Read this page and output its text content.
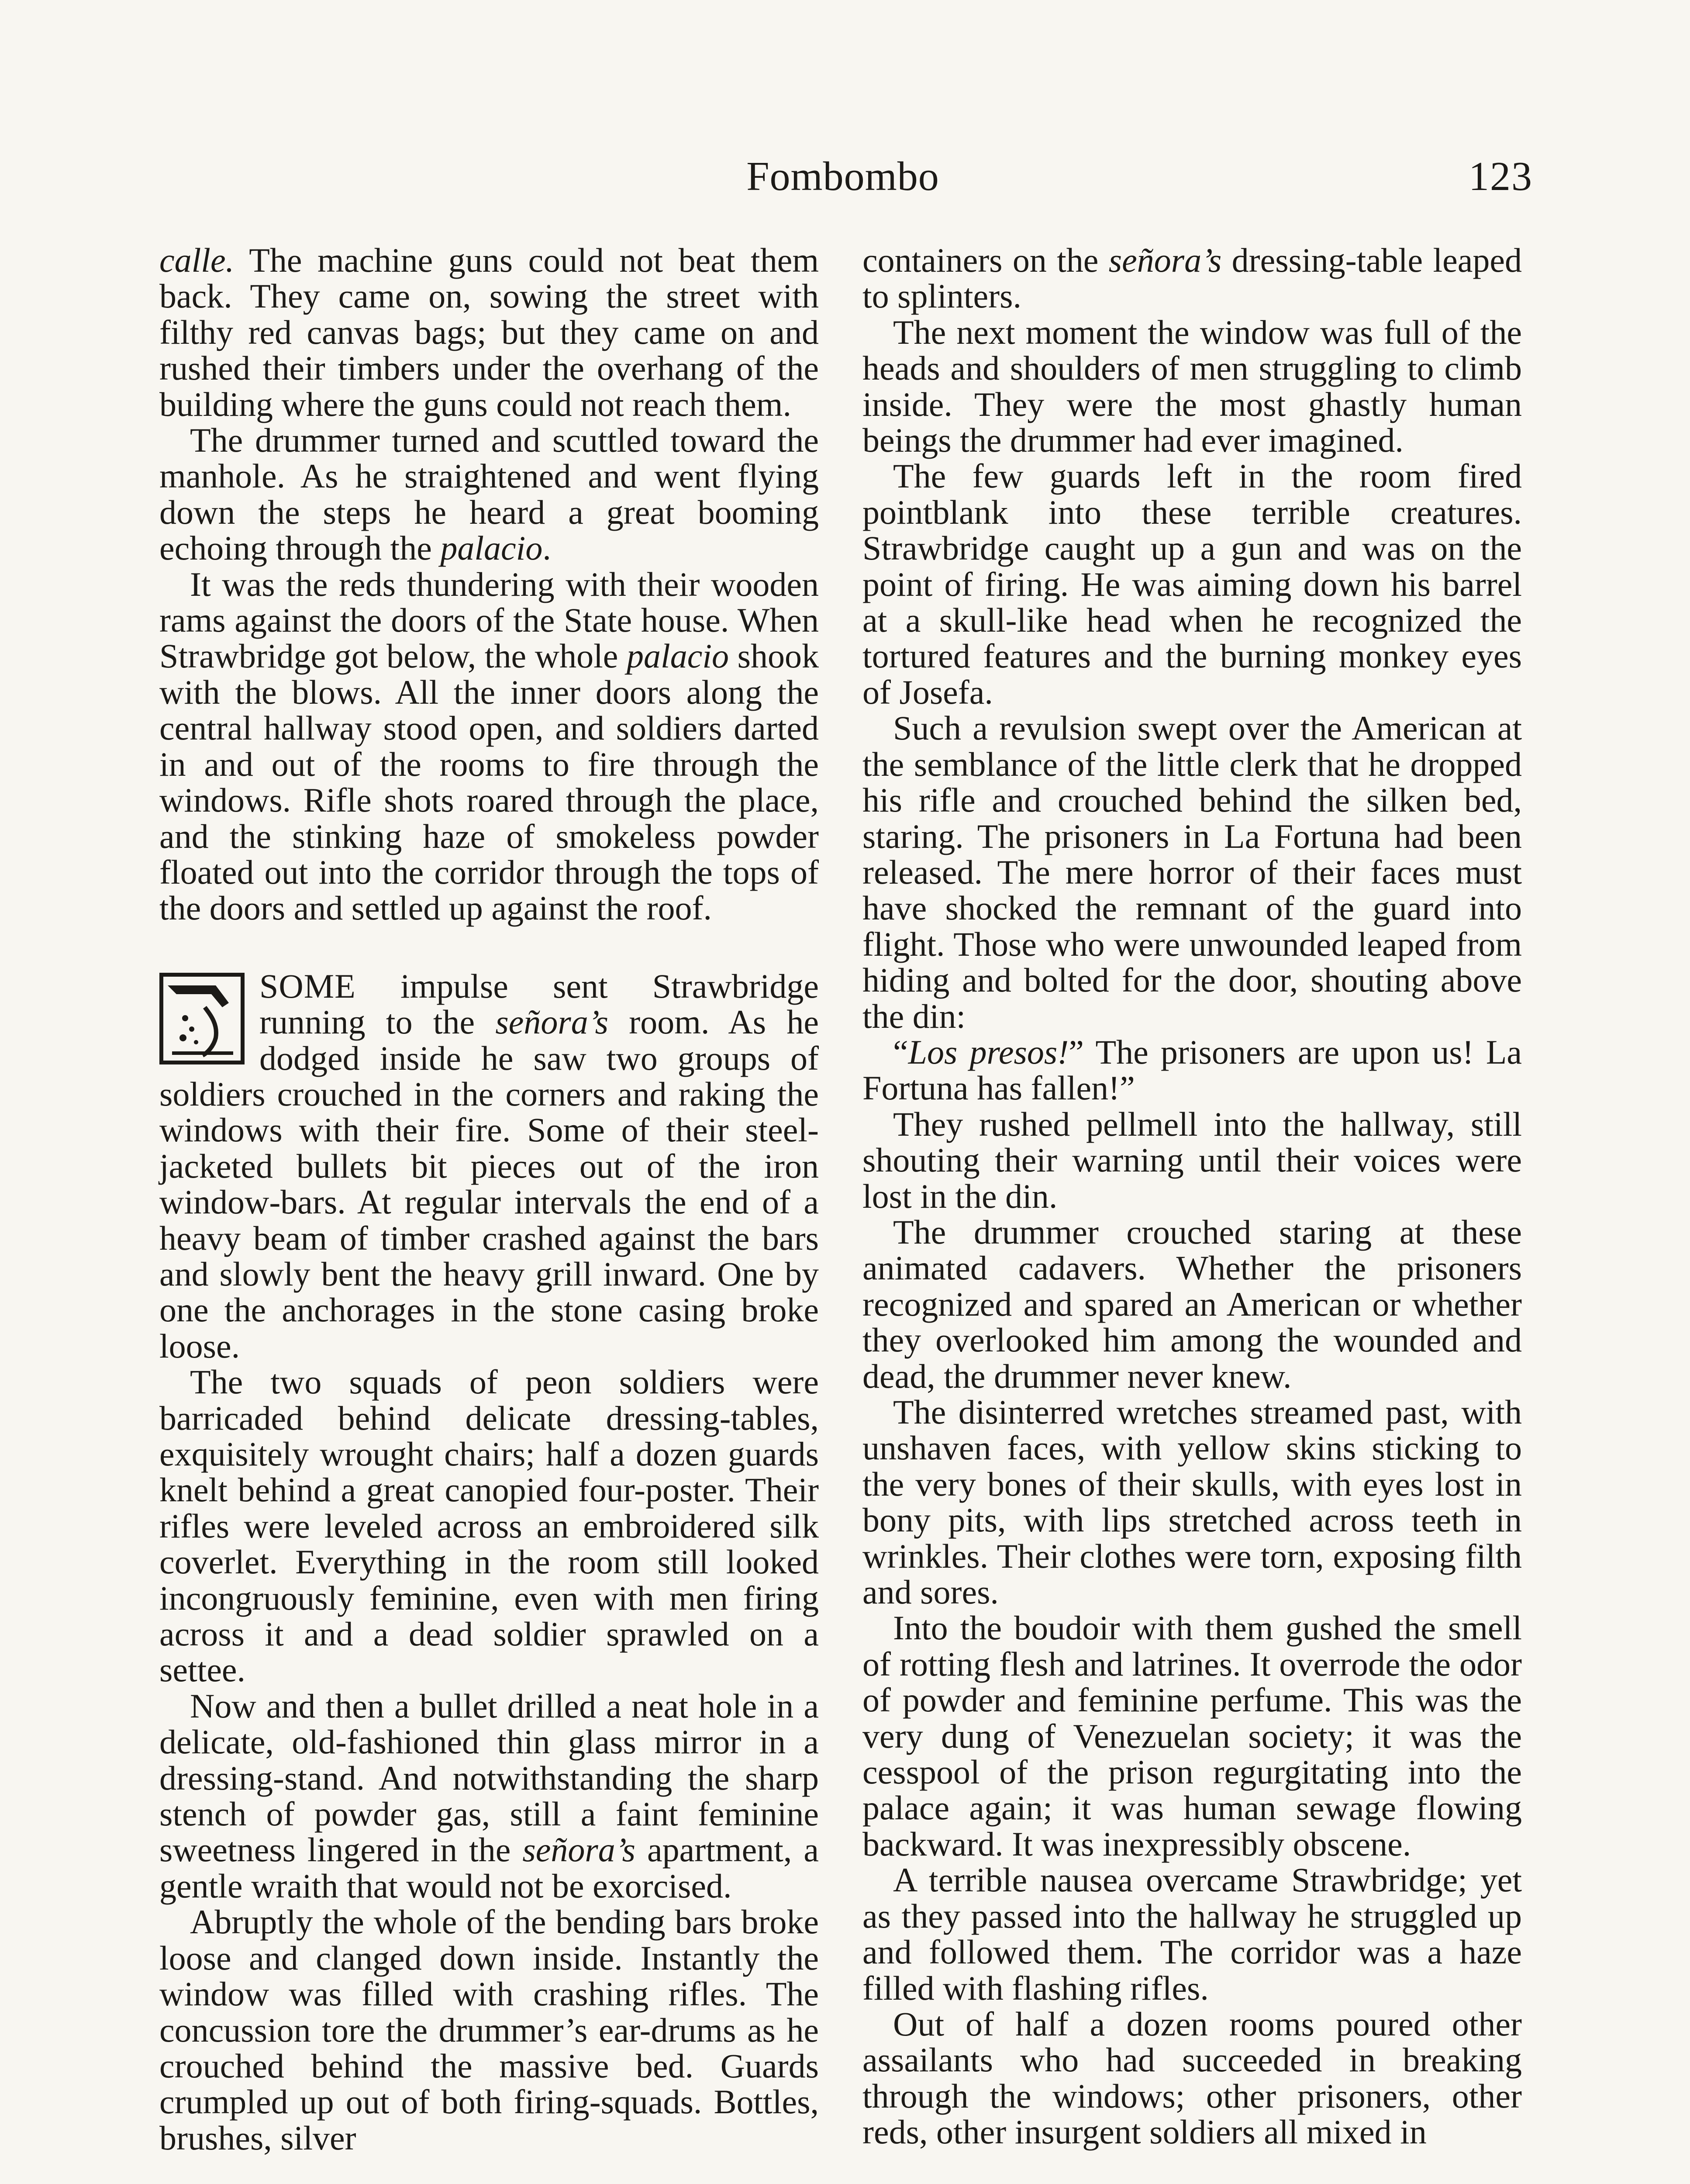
Fombombo	123

calle. The machine guns could not beat them back. They came on, sowing the street with filthy red canvas bags; but they came on and rushed their timbers under the overhang of the building where the guns could not reach them.

The drummer turned and scuttled toward the manhole. As he straightened and went flying down the steps he heard a great booming echoing through the palacio.

It was the reds thundering with their wooden rams against the doors of the State house. When Strawbridge got below, the whole palacio shook with the blows. All the inner doors along the central hallway stood open, and soldiers darted in and out of the rooms to fire through the windows. Rifle shots roared through the place, and the stinking haze of smokeless powder floated out into the corridor through the tops of the doors and settled up against the roof.

SOME impulse sent Strawbridge running to the señora’s room. As he dodged inside he saw two groups of soldiers crouched in the corners and raking the windows with their fire. Some of their steel-jacketed bullets bit pieces out of the iron window-bars. At regular intervals the end of a heavy beam of timber crashed against the bars and slowly bent the heavy grill inward. One by one the anchorages in the stone casing broke loose.

The two squads of peon soldiers were barricaded behind delicate dressing-tables, exquisitely wrought chairs; half a dozen guards knelt behind a great canopied four-poster. Their rifles were leveled across an embroidered silk coverlet. Everything in the room still looked incongruously feminine, even with men firing across it and a dead soldier sprawled on a settee.

Now and then a bullet drilled a neat hole in a delicate, old-fashioned thin glass mirror in a dressing-stand. And notwithstanding the sharp stench of powder gas, still a faint feminine sweetness lingered in the señora’s apartment, a gentle wraith that would not be exorcised.

Abruptly the whole of the bending bars broke loose and clanged down inside. Instantly the window was filled with crashing rifles. The concussion tore the drummer’s ear-drums as he crouched behind the massive bed. Guards crumpled up out of both firing-squads. Bottles, brushes, silver

containers on the señora’s dressing-table leaped to splinters.

The next moment the window was full of the heads and shoulders of men struggling to climb inside. They were the most ghastly human beings the drummer had ever imagined.

The few guards left in the room fired pointblank into these terrible creatures. Strawbridge caught up a gun and was on the point of firing. He was aiming down his barrel at a skull-like head when he recognized the tortured features and the burning monkey eyes of Josefa.

Such a revulsion swept over the American at the semblance of the little clerk that he dropped his rifle and crouched behind the silken bed, staring. The prisoners in La Fortuna had been released. The mere horror of their faces must have shocked the remnant of the guard into flight. Those who were unwounded leaped from hiding and bolted for the door, shouting above the din:

“Los presos!” The prisoners are upon us! La Fortuna has fallen!”

They rushed pellmell into the hallway, still shouting their warning until their voices were lost in the din.

The drummer crouched staring at these animated cadavers. Whether the prisoners recognized and spared an American or whether they overlooked him among the wounded and dead, the drummer never knew.

The disinterred wretches streamed past, with unshaven faces, with yellow skins sticking to the very bones of their skulls, with eyes lost in bony pits, with lips stretched across teeth in wrinkles. Their clothes were torn, exposing filth and sores.

Into the boudoir with them gushed the smell of rotting flesh and latrines. It overrode the odor of powder and feminine perfume. This was the very dung of Venezuelan society; it was the cesspool of the prison regurgitating into the palace again; it was human sewage flowing backward. It was inexpressibly obscene.

A terrible nausea overcame Strawbridge; yet as they passed into the hallway he struggled up and followed them. The corridor was a haze filled with flashing rifles.

Out of half a dozen rooms poured other assailants who had succeeded in breaking through the windows; other prisoners, other reds, other insurgent soldiers all mixed in
